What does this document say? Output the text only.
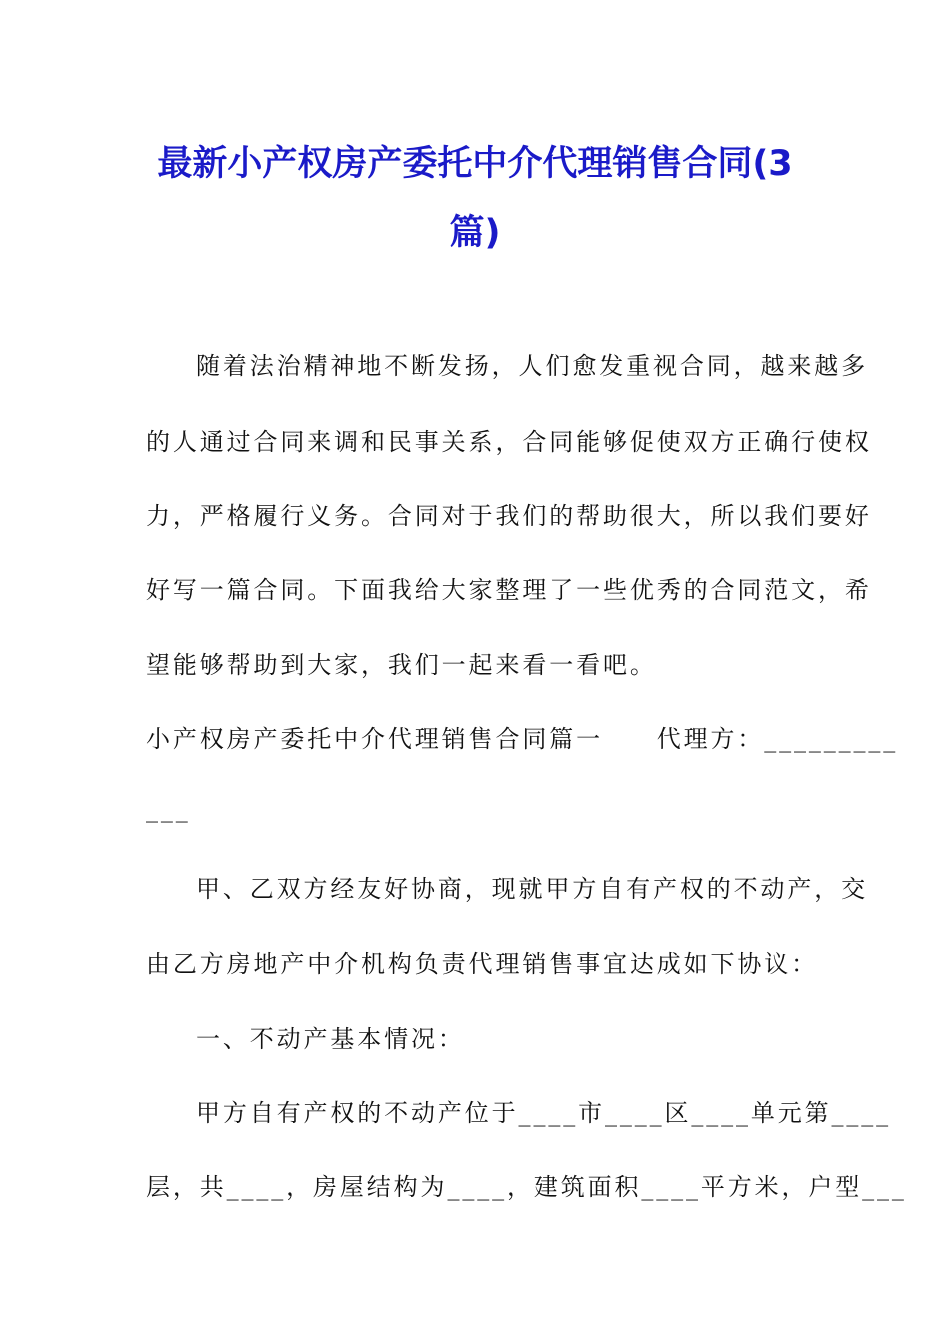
最新小产权房产委托中介代理销售合同(3
篇)
随着法治精神地不断发扬，人们愈发重视合同，越来越多
的人通过合同来调和民事关系，合同能够促使双方正确行使权
力，严格履行义务。合同对于我们的帮助很大，所以我们要好
好写一篇合同。下面我给大家整理了一些优秀的合同范文，希
望能够帮助到大家，我们一起来看一看吧。
小产权房产委托中介代理销售合同篇一　　代理方：_________
___
甲、乙双方经友好协商，现就甲方自有产权的不动产，交
由乙方房地产中介机构负责代理销售事宜达成如下协议：
一、不动产基本情况：
甲方自有产权的不动产位于____市____区____单元第____
层，共____，房屋结构为____，建筑面积____平方米，户型___
